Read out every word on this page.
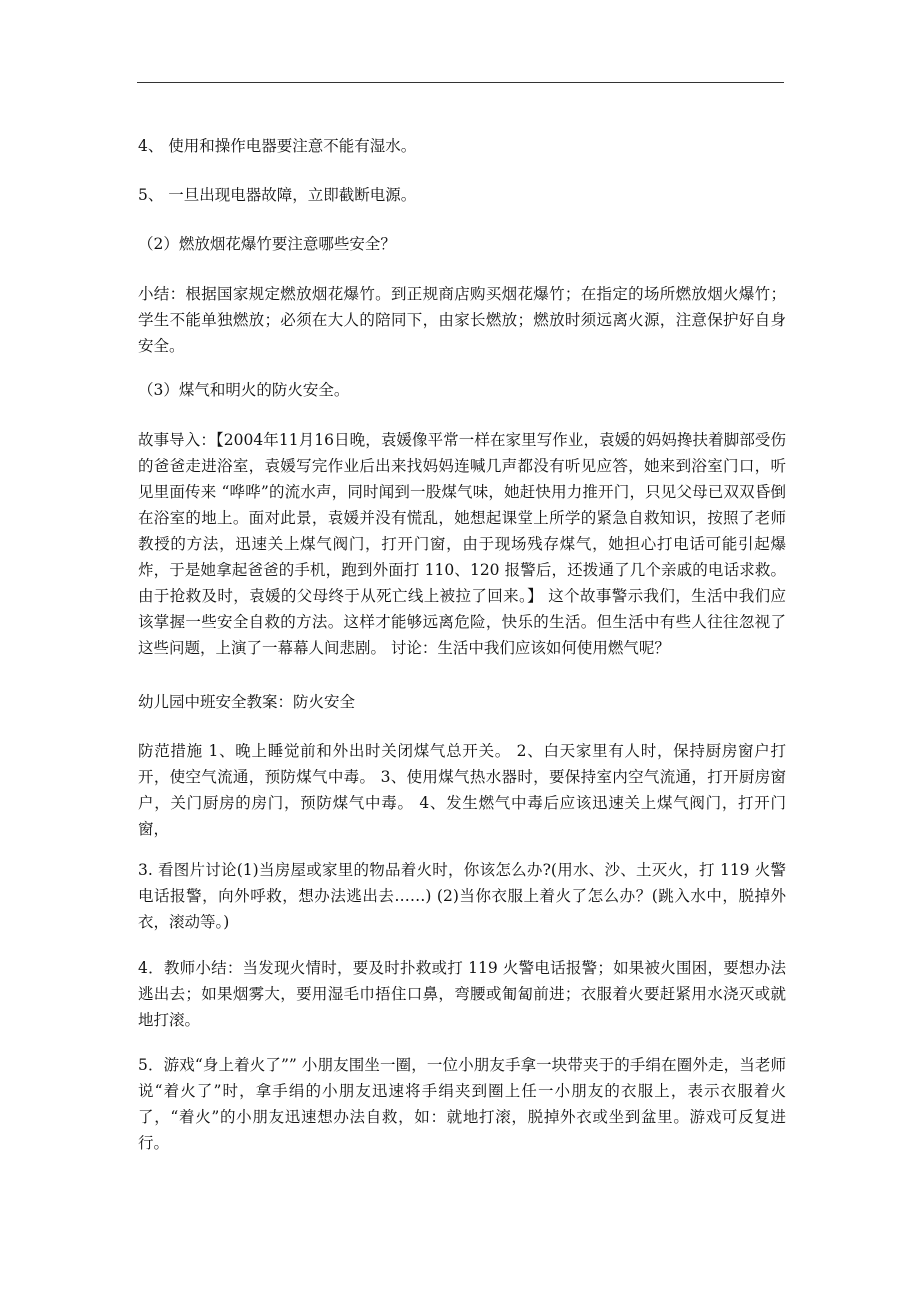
4、 使用和操作电器要注意不能有湿水。

5、 一旦出现电器故障，立即截断电源。

（2）燃放烟花爆竹要注意哪些安全？

小结：根据国家规定燃放烟花爆竹。到正规商店购买烟花爆竹；在指定的场所燃放烟火爆竹；学生不能单独燃放；必须在大人的陪同下，由家长燃放；燃放时须远离火源，注意保护好自身安全。

（3）煤气和明火的防火安全。

故事导入：【2004年11月16日晚，袁媛像平常一样在家里写作业，袁媛的妈妈搀扶着脚部受伤的爸爸走进浴室，袁媛写完作业后出来找妈妈连喊几声都没有听见应答，她来到浴室门口，听见里面传来 “哗哗”的流水声，同时闻到一股煤气味，她赶快用力推开门，只见父母已双双昏倒在浴室的地上。面对此景，袁媛并没有慌乱，她想起课堂上所学的紧急自救知识，按照了老师教授的方法，迅速关上煤气阀门，打开门窗，由于现场残存煤气，她担心打电话可能引起爆炸，于是她拿起爸爸的手机，跑到外面打 110、120 报警后，还拨通了几个亲戚的电话求救。由于抢救及时，袁媛的父母终于从死亡线上被拉了回来。】 这个故事警示我们，生活中我们应该掌握一些安全自救的方法。这样才能够远离危险，快乐的生活。但生活中有些人往往忽视了这些问题，上演了一幕幕人间悲剧。 讨论：生活中我们应该如何使用燃气呢？

幼儿园中班安全教案：防火安全

防范措施 1、晚上睡觉前和外出时关闭煤气总开关。 2、白天家里有人时，保持厨房窗户打开，使空气流通，预防煤气中毒。 3、使用煤气热水器时，要保持室内空气流通，打开厨房窗户，关门厨房的房门，预防煤气中毒。 4、发生燃气中毒后应该迅速关上煤气阀门，打开门窗，

3. 看图片讨论(1)当房屋或家里的物品着火时，你该怎么办?(用水、沙、土灭火，打 119 火警电话报警，向外呼救，想办法逃出去……) (2)当你衣服上着火了怎么办？(跳入水中，脱掉外衣，滚动等。)

4．教师小结：当发现火情时，要及时扑救或打 119 火警电话报警；如果被火围困，要想办法逃出去；如果烟雾大，要用湿毛巾捂住口鼻，弯腰或匍匐前进；衣服着火要赶紧用水浇灭或就地打滚。

5．游戏“身上着火了”” 小朋友围坐一圈，一位小朋友手拿一块带夹于的手绢在圈外走，当老师说“着火了”时，拿手绢的小朋友迅速将手绢夹到圈上任一小朋友的衣服上，表示衣服着火了，“着火”的小朋友迅速想办法自救，如：就地打滚，脱掉外衣或坐到盆里。游戏可反复进行。
